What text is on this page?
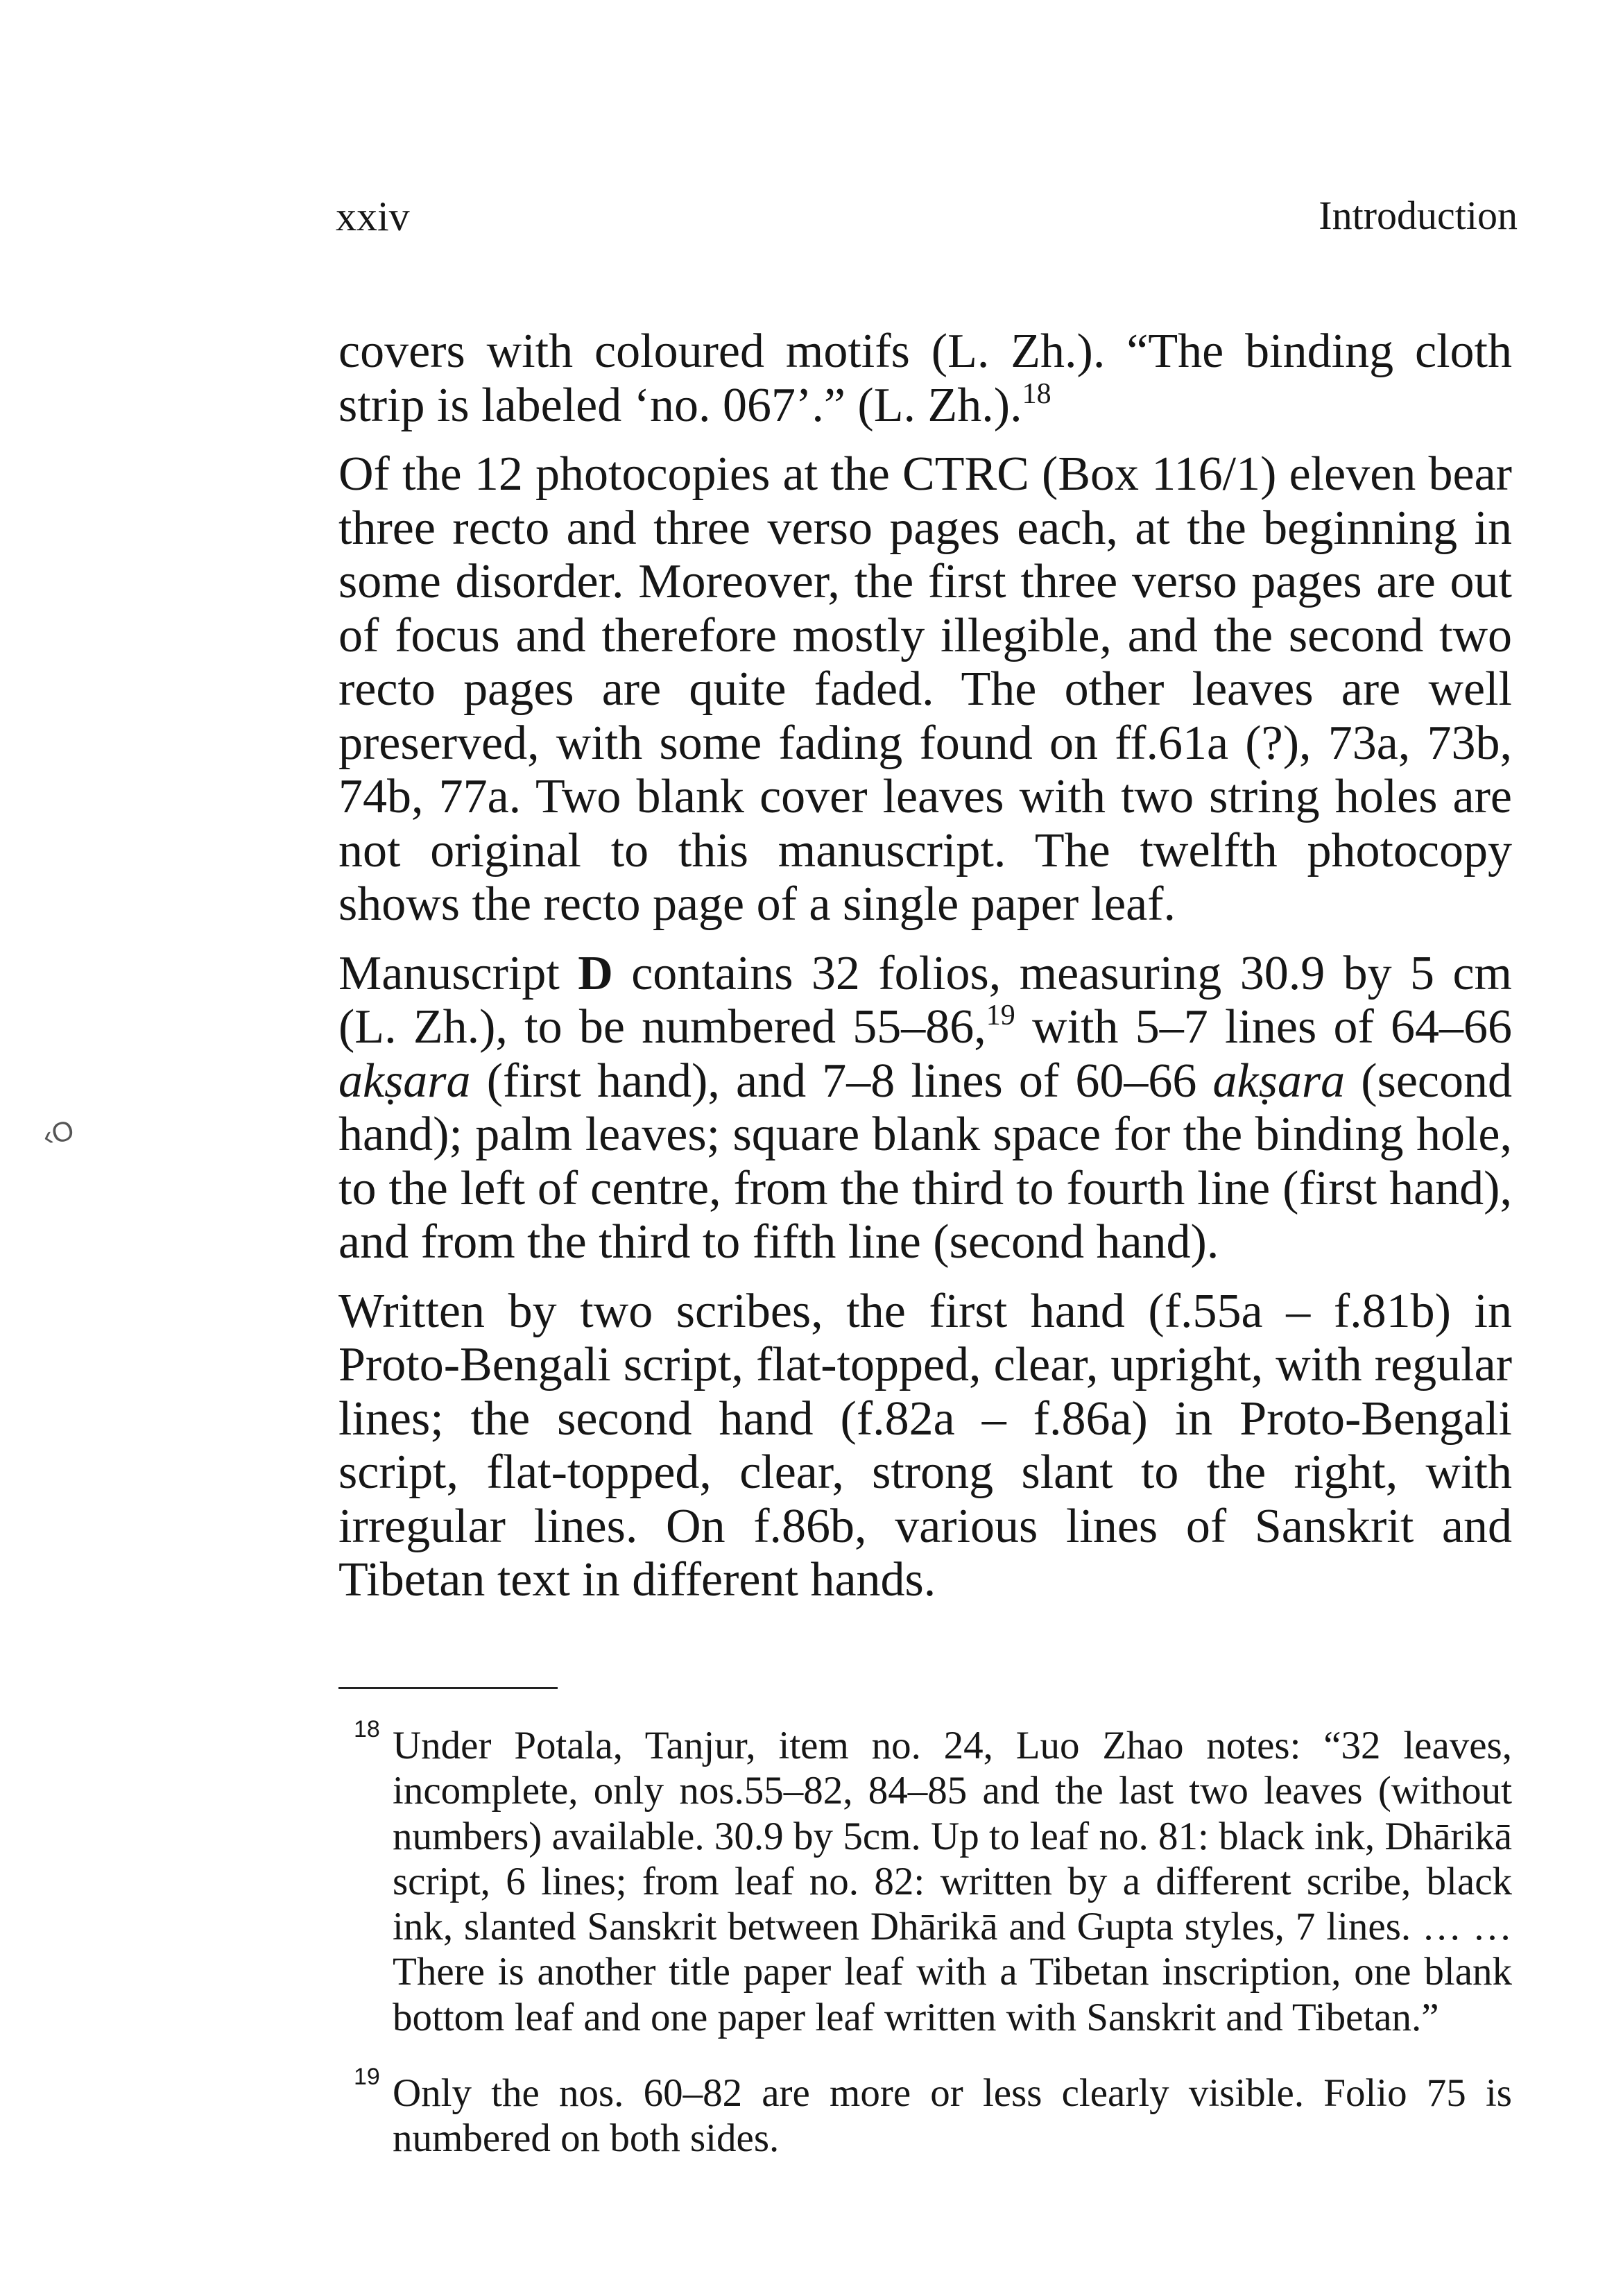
xxiv	Introduction
‹O

covers with coloured motifs (L. Zh.). “The binding cloth strip is labeled ‘no. 067’.” (L. Zh.).$^{18}$

Of the 12 photocopies at the CTRC (Box 116/1) eleven bear three recto and three verso pages each, at the beginning in some disorder. Moreover, the first three verso pages are out of focus and therefore mostly illegible, and the second two recto pages are quite faded. The other leaves are well preserved, with some fading found on ff.61a (?), 73a, 73b, 74b, 77a. Two blank cover leaves with two string holes are not original to this manuscript. The twelfth photocopy shows the recto page of a single paper leaf.

Manuscript D contains 32 folios, measuring 30.9 by 5 cm (L. Zh.), to be numbered 55–86,19 with 5–7 lines of 64–66 akṣara (first hand), and 7–8 lines of 60–66 akṣara (second hand); palm leaves; square blank space for the binding hole, to the left of centre, from the third to fourth line (first hand), and from the third to fifth line (second hand).

Written by two scribes, the first hand (f.55a – f.81b) in Proto-Bengali script, flat-topped, clear, upright, with regular lines; the second hand (f.82a – f.86a) in Proto-Bengali script, flat-topped, clear, strong slant to the right, with irregular lines. On f.86b, various lines of Sanskrit and Tibetan text in different hands.

18 Under Potala, Tanjur, item no. 24, Luo Zhao notes: “32 leaves, incomplete, only nos.55–82, 84–85 and the last two leaves (without numbers) available. 30.9 by 5cm. Up to leaf no. 81: black ink, Dhārikā script, 6 lines; from leaf no. 82: written by a different scribe, black ink, slanted Sanskrit between Dhārikā and Gupta styles, 7 lines. … … There is another title paper leaf with a Tibetan inscription, one blank bottom leaf and one paper leaf written with Sanskrit and Tibetan.”
19 Only the nos. 60–82 are more or less clearly visible. Folio 75 is numbered on both sides.
